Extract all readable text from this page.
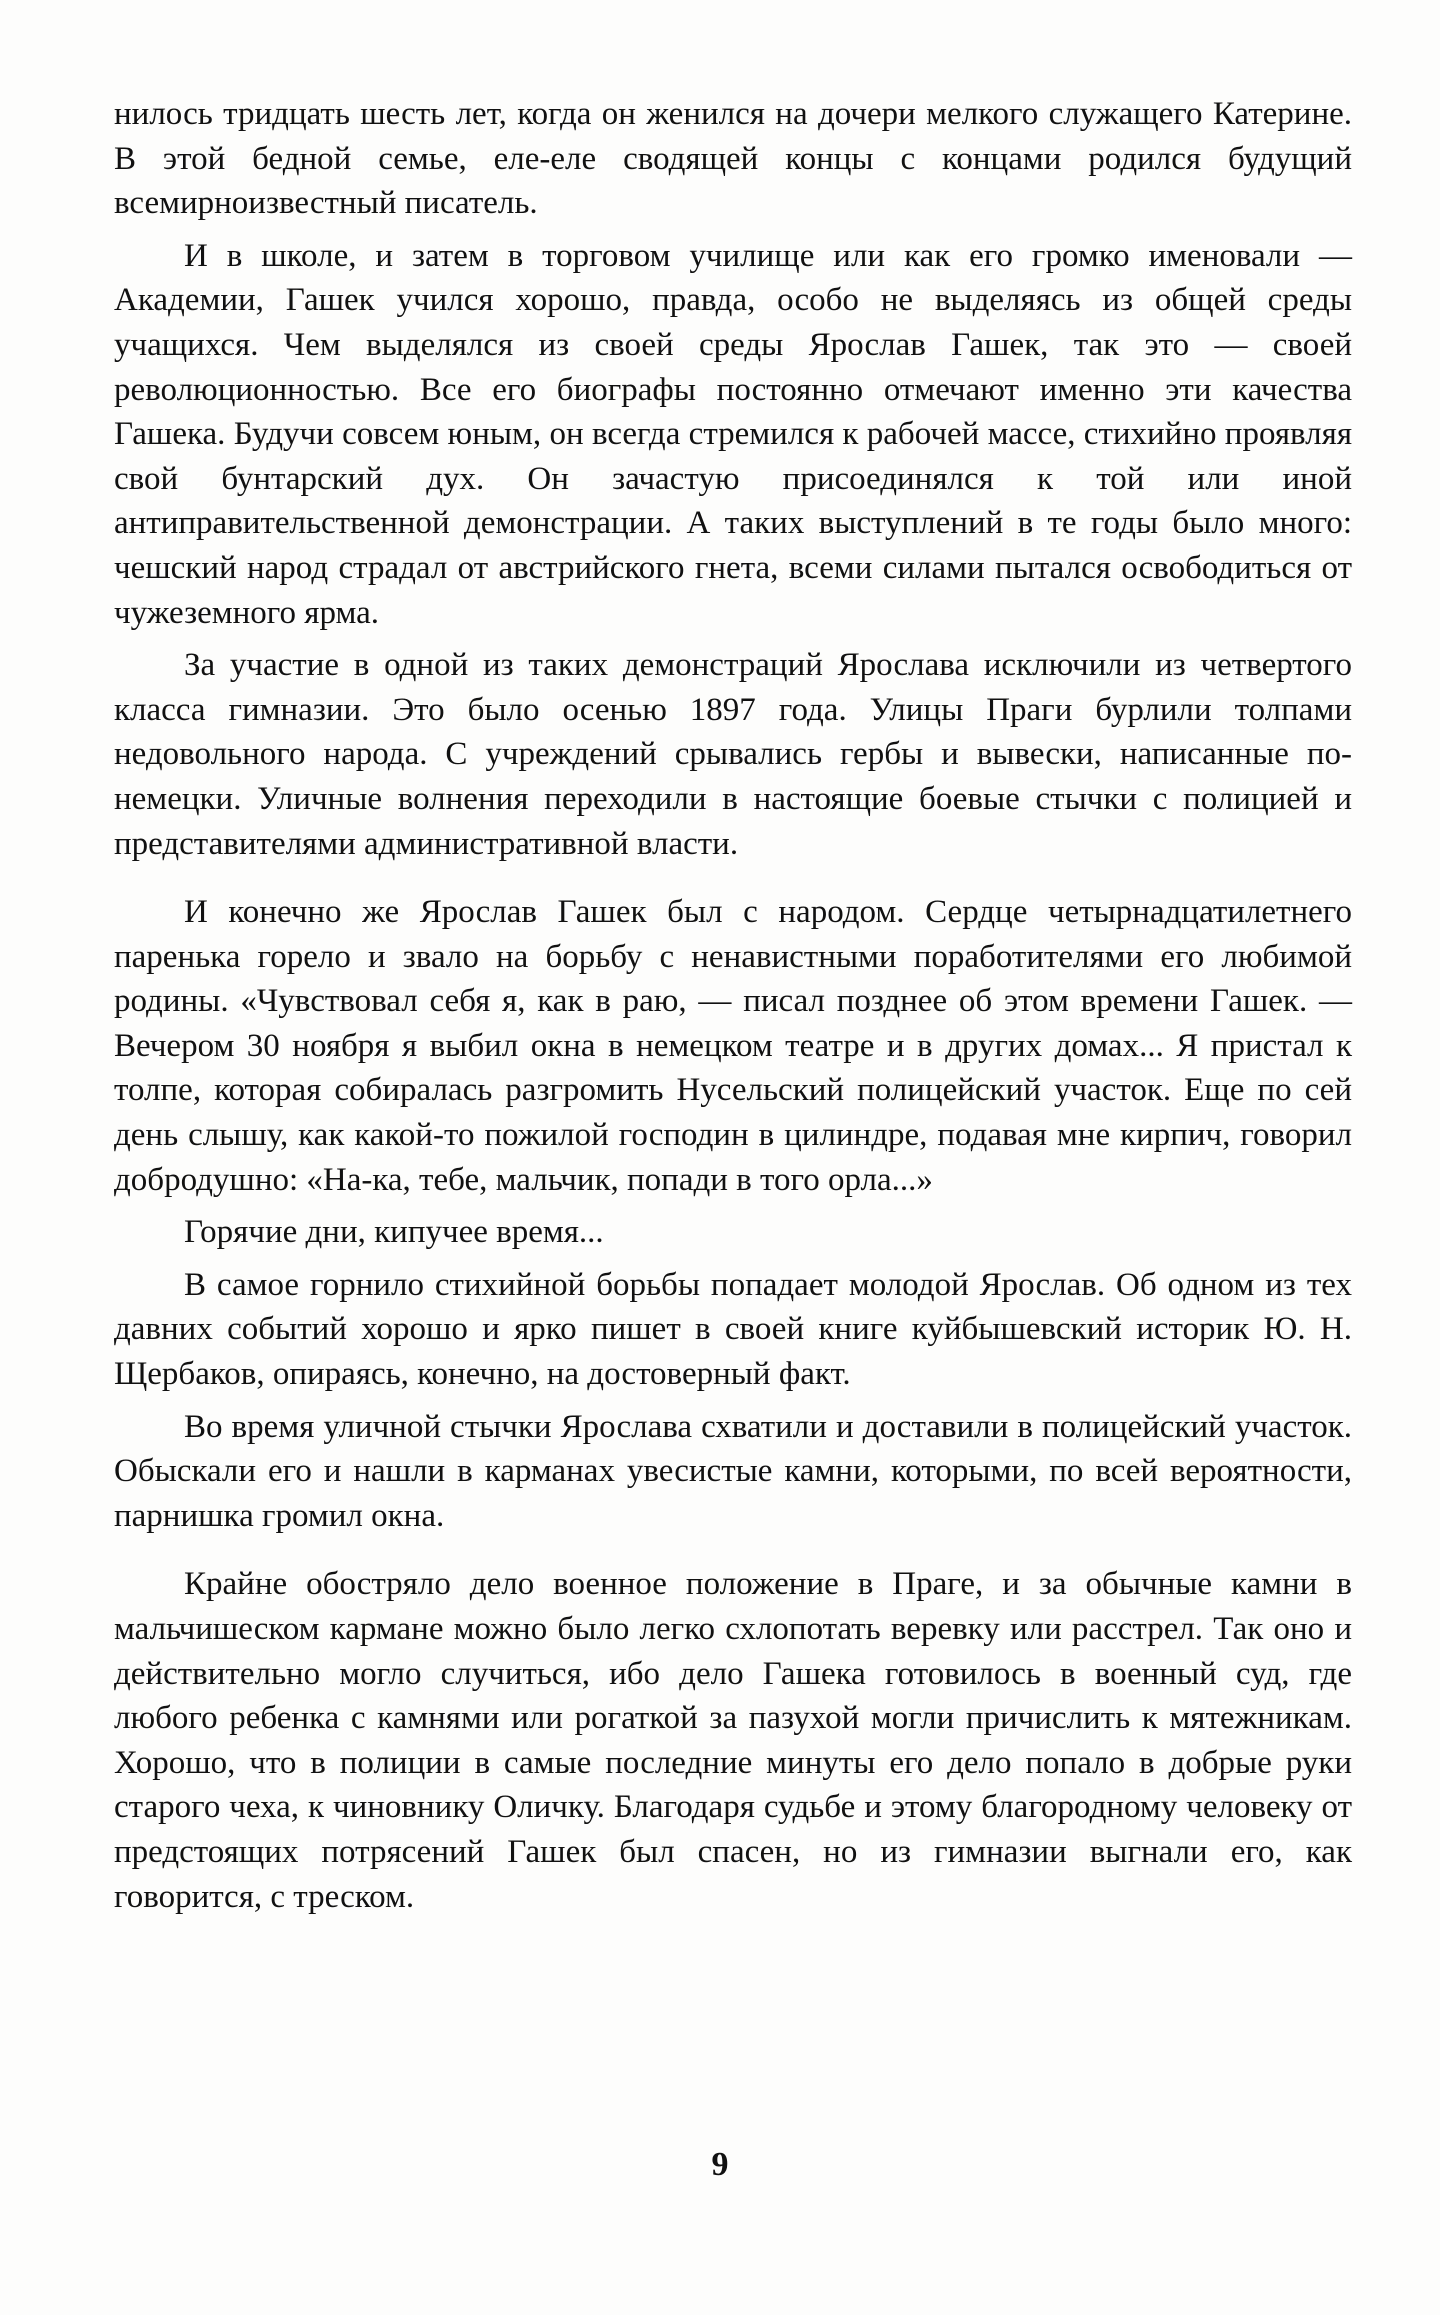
нилось тридцать шесть лет, когда он женился на дочери мелкого служащего Катерине. В этой бедной семье, еле-еле сводящей концы с концами родился будущий всемирноизвестный писатель.

И в школе, и затем в торговом училище или как его громко именовали — Академии, Гашек учился хорошо, правда, особо не выделяясь из общей среды учащихся. Чем выделялся из своей среды Ярослав Гашек, так это — своей революционностью. Все его биографы постоянно отмечают именно эти качества Гашека. Будучи совсем юным, он всегда стремился к рабочей массе, стихийно проявляя свой бунтарский дух. Он зачастую присоединялся к той или иной антиправительственной демонстрации. А таких выступлений в те годы было много: чешский народ страдал от австрийского гнета, всеми силами пытался освободиться от чужеземного ярма.

За участие в одной из таких демонстраций Ярослава исключили из четвертого класса гимназии. Это было осенью 1897 года. Улицы Праги бурлили толпами недовольного народа. С учреждений срывались гербы и вывески, написанные по-немецки. Уличные волнения переходили в настоящие боевые стычки с полицией и представителями административной власти.

И конечно же Ярослав Гашек был с народом. Сердце четырнадцатилетнего паренька горело и звало на борьбу с ненавистными поработителями его любимой родины. «Чувствовал себя я, как в раю, — писал позднее об этом времени Гашек. — Вечером 30 ноября я выбил окна в немецком театре и в других домах... Я пристал к толпе, которая собиралась разгромить Нусельский полицейский участок. Еще по сей день слышу, как какой-то пожилой господин в цилиндре, подавая мне кирпич, говорил добродушно: «На-ка, тебе, мальчик, попади в того орла...»

Горячие дни, кипучее время...

В самое горнило стихийной борьбы попадает молодой Ярослав. Об одном из тех давних событий хорошо и ярко пишет в своей книге куйбышевский историк Ю. Н. Щербаков, опираясь, конечно, на достоверный факт.

Во время уличной стычки Ярослава схватили и доставили в полицейский участок. Обыскали его и нашли в карманах увесистые камни, которыми, по всей вероятности, парнишка громил окна.

Крайне обостряло дело военное положение в Праге, и за обычные камни в мальчишеском кармане можно было легко схлопотать веревку или расстрел. Так оно и действительно могло случиться, ибо дело Гашека готовилось в военный суд, где любого ребенка с камнями или рогаткой за пазухой могли причислить к мятежникам. Хорошо, что в полиции в самые последние минуты его дело попало в добрые руки старого чеха, к чиновнику Оличку. Благодаря судьбе и этому благородному человеку от предстоящих потрясений Гашек был спасен, но из гимназии выгнали его, как говорится, с треском.

9
